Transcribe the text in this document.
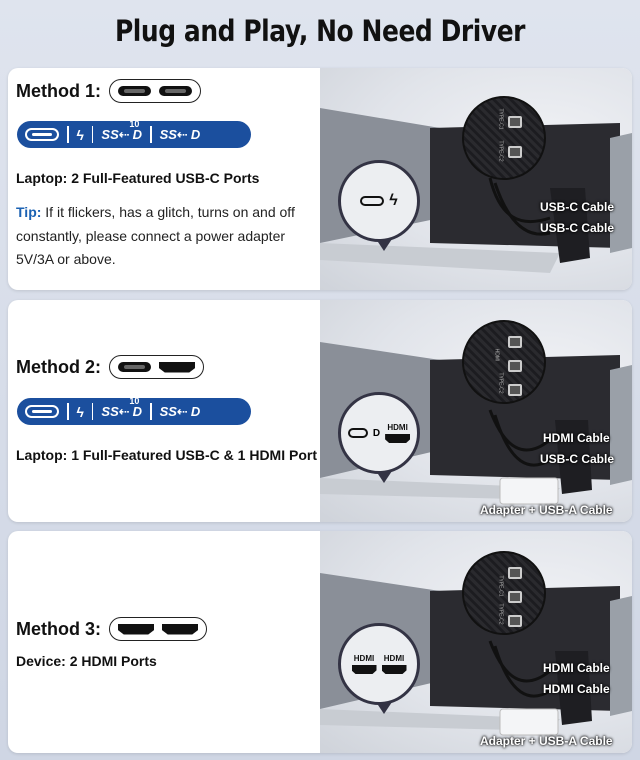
Plug and Play, No Need Driver
Method 1:
ϟ SS ⇠
10
D SS ⇠ D
Laptop: 2 Full-Featured USB-C Ports
Tip: If it flickers, has a glitch, turns on and off constantly, please connect a power adapter 5V/3A or above.
TYPE-C1
TYPE-C2
ϟ	USB-C Cable
USB-C Cable
Method 2:
ϟ SS ⇠
10
D SS ⇠ D
Laptop: 1 Full-Featured USB-C & 1 HDMI Port
HDMI
TYPE-C2
D HDMI
HDMI Cable
USB-C Cable
Adapter + USB-A Cable
Method 3:
Device: 2 HDMI Ports
TYPE-C1
TYPE-C2
HDMI HDMI
HDMI Cable
HDMI Cable
Adapter + USB-A Cable
